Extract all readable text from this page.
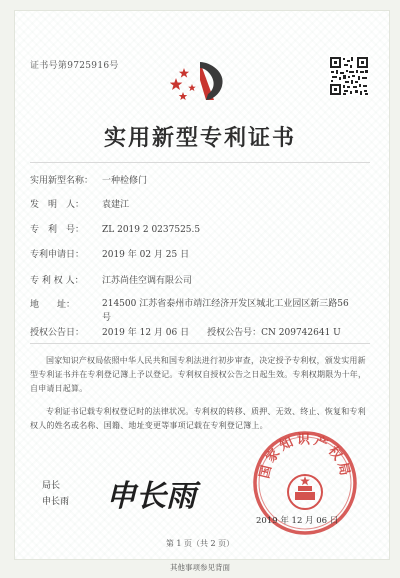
证书号第9725916号
实用新型专利证书
实用新型名称： 一种检修门
发　明　人： 袁建江
专　利　号： ZL 2019 2 0237525.5
专利申请日： 2019 年 02 月 25 日
专 利 权 人： 江苏尚佳空调有限公司
地　　址：	214500 江苏省泰州市靖江经济开发区城北工业园区新三路56号
授权公告日： 2019 年 12 月 06 日 授权公告号：CN 209742641 U
国家知识产权局依照中华人民共和国专利法进行初步审查，决定授予专利权，颁发实用新型专利证书并在专利登记簿上予以登记。专利权自授权公告之日起生效。专利权期限为十年，自申请日起算。
专利证书记载专利权登记时的法律状况。专利权的转移、质押、无效、终止、恢复和专利权人的姓名或名称、国籍、地址变更等事项记载在专利登记簿上。
局长
申长雨 申长雨
国家知识产权局
2019 年 12 月 06 日
第 1 页（共 2 页）
其他事项参见背面
